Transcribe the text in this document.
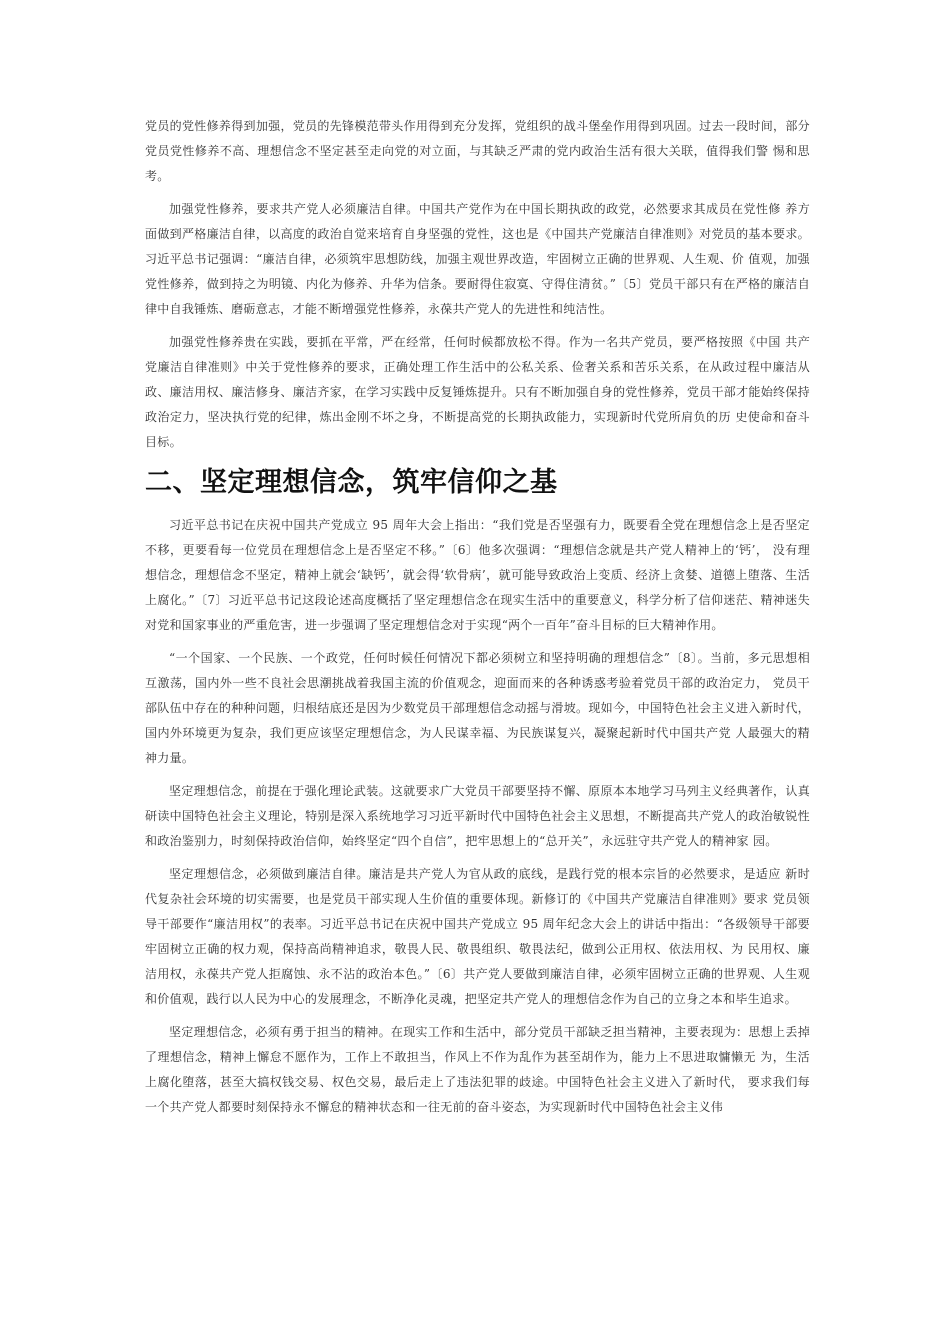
党员的党性修养得到加强，党员的先锋模范带头作用得到充分发挥，党组织的战斗堡垒作用得到巩固。过去一段时间，部分党员党性修养不高、理想信念不坚定甚至走向党的对立面，与其缺乏严肃的党内政治生活有很大关联，值得我们警 惕和思考。

加强党性修养，要求共产党人必须廉洁自律。中国共产党作为在中国长期执政的政党，必然要求其成员在党性修 养方面做到严格廉洁自律，以高度的政治自觉来培育自身坚强的党性，这也是《中国共产党廉洁自律准则》对党员的基本要求。习近平总书记强调：“廉洁自律，必须筑牢思想防线，加强主观世界改造，牢固树立正确的世界观、人生观、价 值观，加强党性修养，做到持之为明镜、内化为修养、升华为信条。要耐得住寂寞、守得住清贫。”〔5〕党员干部只有在严格的廉洁自律中自我锤炼、磨砺意志，才能不断增强党性修养，永葆共产党人的先进性和纯洁性。

加强党性修养贵在实践，要抓在平常，严在经常，任何时候都放松不得。作为一名共产党员，要严格按照《中国 共产党廉洁自律准则》中关于党性修养的要求，正确处理工作生活中的公私关系、俭奢关系和苦乐关系，在从政过程中廉洁从政、廉洁用权、廉洁修身、廉洁齐家，在学习实践中反复锤炼提升。只有不断加强自身的党性修养，党员干部才能始终保持政治定力，坚决执行党的纪律，炼出金刚不坏之身，不断提高党的长期执政能力，实现新时代党所肩负的历 史使命和奋斗目标。

二、坚定理想信念，筑牢信仰之基

习近平总书记在庆祝中国共产党成立 95 周年大会上指出：“我们党是否坚强有力，既要看全党在理想信念上是否坚定不移，更要看每一位党员在理想信念上是否坚定不移。”〔6〕他多次强调：“理想信念就是共产党人精神上的‘钙’， 没有理想信念，理想信念不坚定，精神上就会‘缺钙’，就会得‘软骨病’，就可能导致政治上变质、经济上贪婪、道德上堕落、生活上腐化。”〔7〕习近平总书记这段论述高度概括了坚定理想信念在现实生活中的重要意义，科学分析了信仰迷茫、精神迷失对党和国家事业的严重危害，进一步强调了坚定理想信念对于实现“两个一百年”奋斗目标的巨大精神作用。

“一个国家、一个民族、一个政党，任何时候任何情况下都必须树立和坚持明确的理想信念”〔8〕。当前，多元思想相互激荡，国内外一些不良社会思潮挑战着我国主流的价值观念，迎面而来的各种诱惑考验着党员干部的政治定力， 党员干部队伍中存在的种种问题，归根结底还是因为少数党员干部理想信念动摇与滑坡。现如今，中国特色社会主义进入新时代，国内外环境更为复杂，我们更应该坚定理想信念，为人民谋幸福、为民族谋复兴，凝聚起新时代中国共产党 人最强大的精神力量。

坚定理想信念，前提在于强化理论武装。这就要求广大党员干部要坚持不懈、原原本本地学习马列主义经典著作，认真研读中国特色社会主义理论，特别是深入系统地学习习近平新时代中国特色社会主义思想，不断提高共产党人的政治敏锐性和政治鉴别力，时刻保持政治信仰，始终坚定“四个自信”，把牢思想上的“总开关”，永远驻守共产党人的精神家 园。

坚定理想信念，必须做到廉洁自律。廉洁是共产党人为官从政的底线，是践行党的根本宗旨的必然要求，是适应 新时代复杂社会环境的切实需要，也是党员干部实现人生价值的重要体现。新修订的《中国共产党廉洁自律准则》要求 党员领导干部要作“廉洁用权”的表率。习近平总书记在庆祝中国共产党成立 95 周年纪念大会上的讲话中指出：“各级领导干部要牢固树立正确的权力观，保持高尚精神追求，敬畏人民、敬畏组织、敬畏法纪，做到公正用权、依法用权、为 民用权、廉洁用权，永葆共产党人拒腐蚀、永不沾的政治本色。”〔6〕共产党人要做到廉洁自律，必须牢固树立正确的世界观、人生观和价值观，践行以人民为中心的发展理念，不断净化灵魂，把坚定共产党人的理想信念作为自己的立身之本和毕生追求。

坚定理想信念，必须有勇于担当的精神。在现实工作和生活中，部分党员干部缺乏担当精神，主要表现为：思想上丢掉了理想信念，精神上懈怠不愿作为，工作上不敢担当，作风上不作为乱作为甚至胡作为，能力上不思进取慵懒无 为，生活上腐化堕落，甚至大搞权钱交易、权色交易，最后走上了违法犯罪的歧途。中国特色社会主义进入了新时代， 要求我们每一个共产党人都要时刻保持永不懈怠的精神状态和一往无前的奋斗姿态，为实现新时代中国特色社会主义伟
